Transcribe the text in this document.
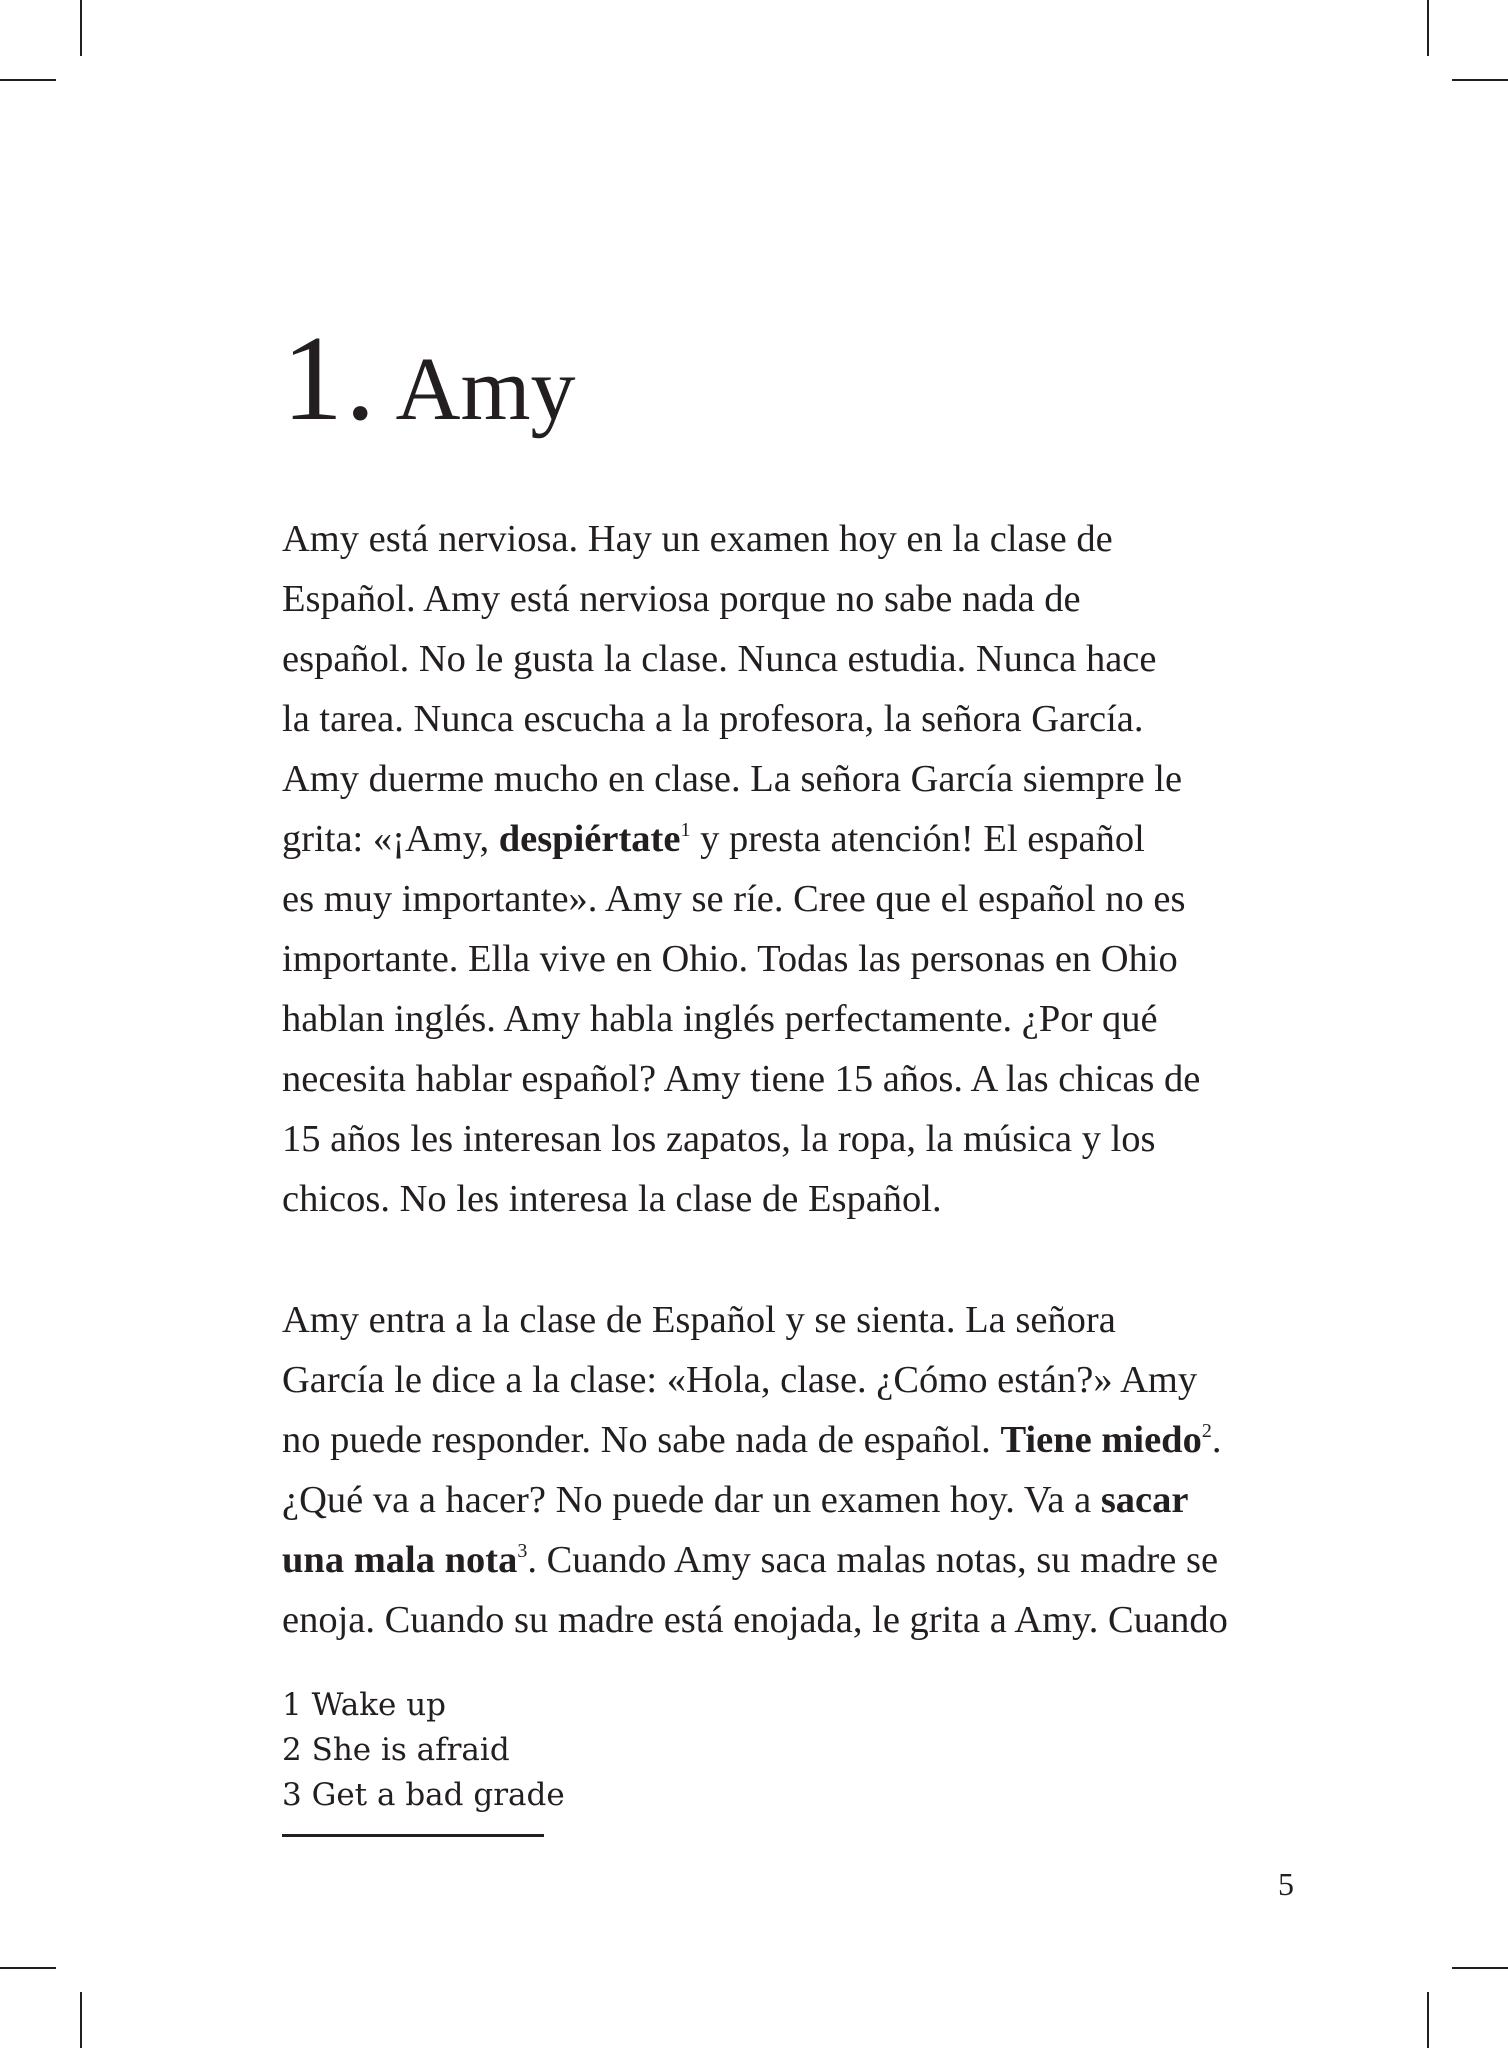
1. Amy
Amy está nerviosa. Hay un examen hoy en la clase de
Español. Amy está nerviosa porque no sabe nada de
español. No le gusta la clase. Nunca estudia. Nunca hace
la tarea. Nunca escucha a la profesora, la señora García.
Amy duerme mucho en clase. La señora García siempre le
grita: «¡Amy, despiértate$^1$ y presta atención! El español
es muy importante». Amy se ríe. Cree que el español no es
importante. Ella vive en Ohio. Todas las personas en Ohio
hablan inglés. Amy habla inglés perfectamente. ¿Por qué
necesita hablar español? Amy tiene 15 años. A las chicas de
15 años les interesan los zapatos, la ropa, la música y los
chicos. No les interesa la clase de Español.
Amy entra a la clase de Español y se sienta. La señora
García le dice a la clase: «Hola, clase. ¿Cómo están?» Amy
no puede responder. No sabe nada de español. Tiene miedo$^2$.
¿Qué va a hacer? No puede dar un examen hoy. Va a sacar
una mala nota$^3$. Cuando Amy saca malas notas, su madre se
enoja. Cuando su madre está enojada, le grita a Amy. Cuando
1 Wake up
2 She is afraid
3 Get a bad grade
5
